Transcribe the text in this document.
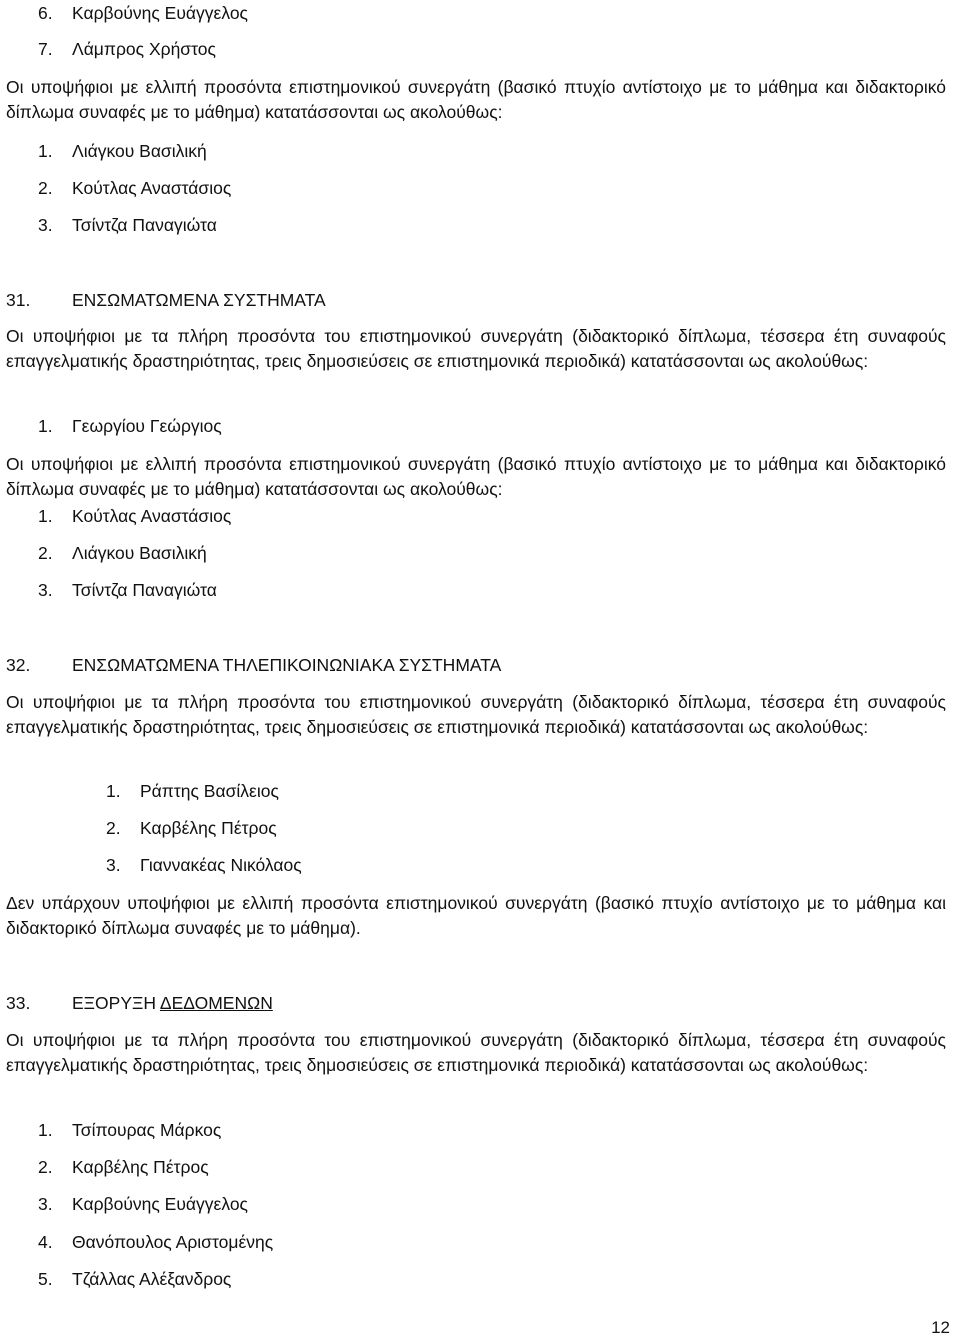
6. Καρβούνης Ευάγγελος
7. Λάμπρος Χρήστος
Οι υποψήφιοι με ελλιπή προσόντα επιστημονικού συνεργάτη (βασικό πτυχίο αντίστοιχο με το μάθημα και διδακτορικό δίπλωμα συναφές με το μάθημα) κατατάσσονται ως ακολούθως:
1. Λιάγκου Βασιλική
2. Κούτλας Αναστάσιος
3. Τσίντζα Παναγιώτα
31. ΕΝΣΩΜΑΤΩΜΕΝΑ ΣΥΣΤΗΜΑΤΑ
Οι υποψήφιοι με τα πλήρη προσόντα του επιστημονικού συνεργάτη (διδακτορικό δίπλωμα, τέσσερα έτη συναφούς επαγγελματικής δραστηριότητας, τρεις δημοσιεύσεις σε επιστημονικά περιοδικά) κατατάσσονται ως ακολούθως:
1. Γεωργίου Γεώργιος
Οι υποψήφιοι με ελλιπή προσόντα επιστημονικού συνεργάτη (βασικό πτυχίο αντίστοιχο με το μάθημα και διδακτορικό δίπλωμα συναφές με το μάθημα) κατατάσσονται ως ακολούθως:
1. Κούτλας Αναστάσιος
2. Λιάγκου Βασιλική
3. Τσίντζα Παναγιώτα
32. ΕΝΣΩΜΑΤΩΜΕΝΑ ΤΗΛΕΠΙΚΟΙΝΩΝΙΑΚΑ ΣΥΣΤΗΜΑΤΑ
Οι υποψήφιοι με τα πλήρη προσόντα του επιστημονικού συνεργάτη (διδακτορικό δίπλωμα, τέσσερα έτη συναφούς επαγγελματικής δραστηριότητας, τρεις δημοσιεύσεις σε επιστημονικά περιοδικά) κατατάσσονται ως ακολούθως:
1. Ράπτης Βασίλειος
2. Καρβέλης Πέτρος
3. Γιαννακέας Νικόλαος
Δεν υπάρχουν υποψήφιοι με ελλιπή προσόντα επιστημονικού συνεργάτη (βασικό πτυχίο αντίστοιχο με το μάθημα και διδακτορικό δίπλωμα συναφές με το μάθημα).
33. ΕΞΟΡΥΞΗ ΔΕΔΟΜΕΝΩΝ
Οι υποψήφιοι με τα πλήρη προσόντα του επιστημονικού συνεργάτη (διδακτορικό δίπλωμα, τέσσερα έτη συναφούς επαγγελματικής δραστηριότητας, τρεις δημοσιεύσεις σε επιστημονικά περιοδικά) κατατάσσονται ως ακολούθως:
1. Τσίπουρας Μάρκος
2. Καρβέλης Πέτρος
3. Καρβούνης Ευάγγελος
4. Θανόπουλος Αριστομένης
5. Τζάλλας Αλέξανδρος
12
